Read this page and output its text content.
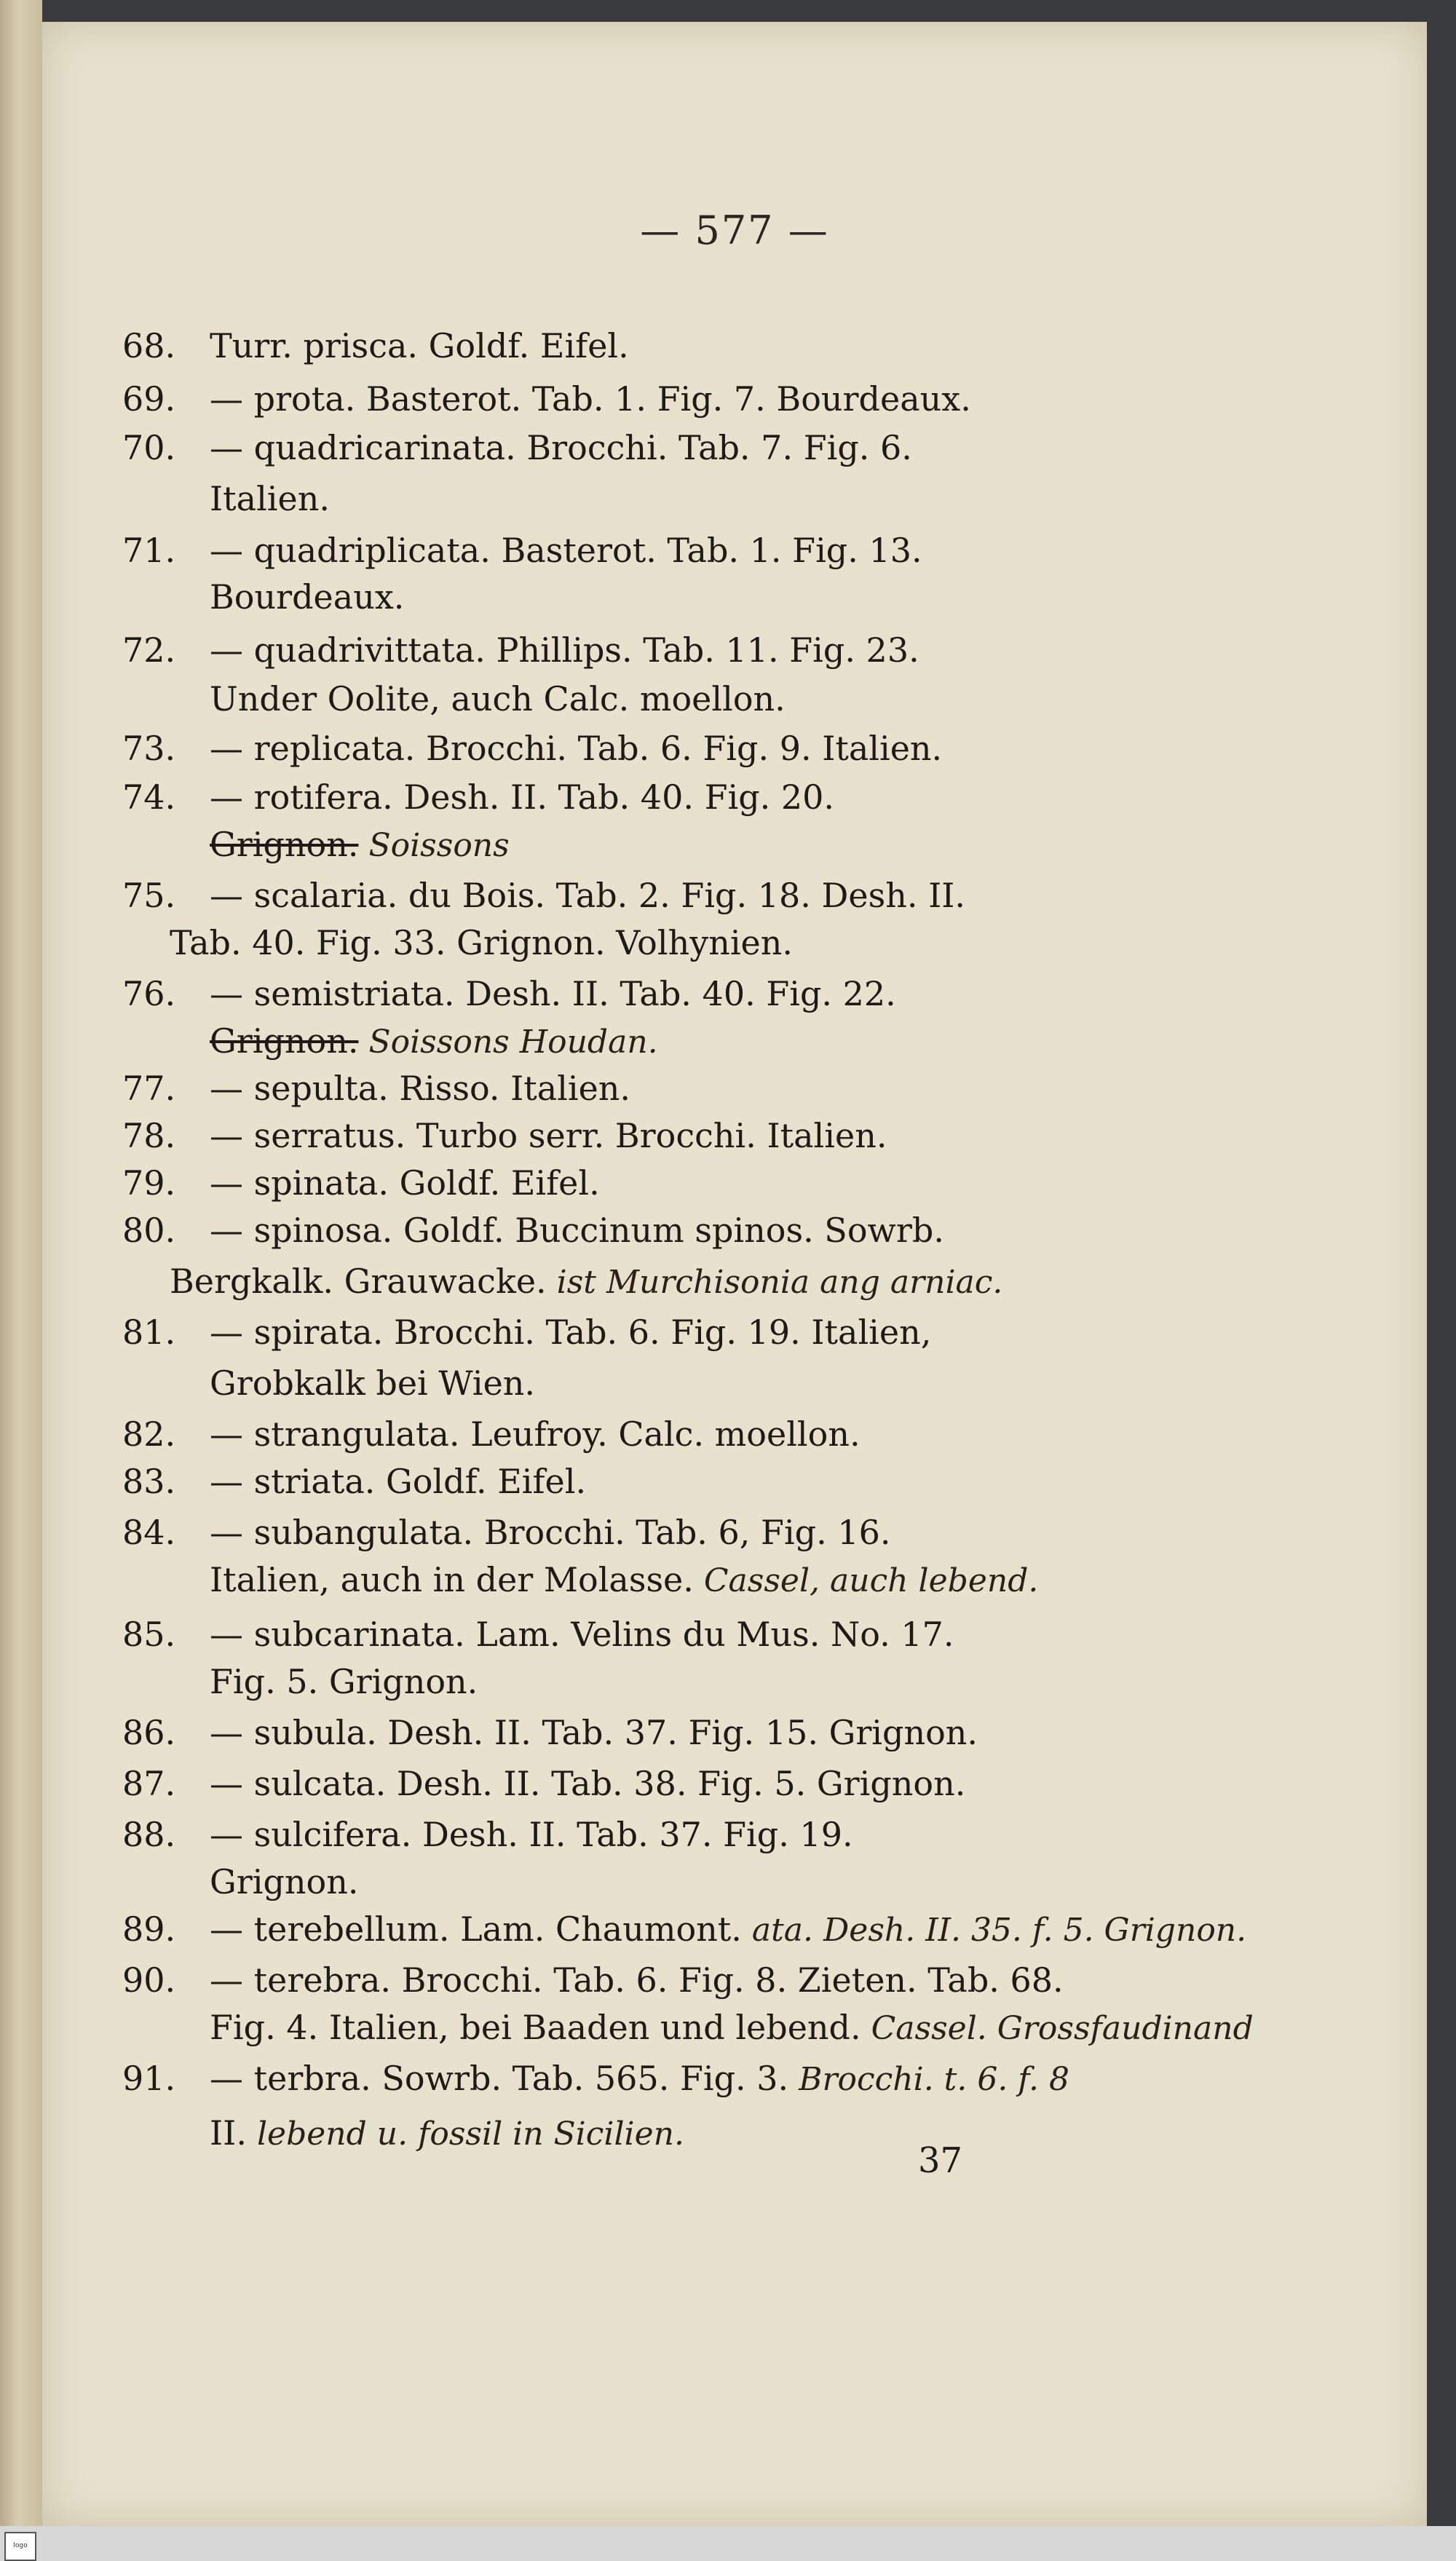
— 577 —
68. Turr. prisca. Goldf. Eifel.
69. — prota. Basterot. Tab. 1. Fig. 7. Bourdeaux.
70. — quadricarinata. Brocchi. Tab. 7. Fig. 6.
Italien.
71. — quadriplicata. Basterot. Tab. 1. Fig. 13.
Bourdeaux.
72. — quadrivittata. Phillips. Tab. 11. Fig. 23.
Under Oolite, auch Calc. moellon.
73. — replicata. Brocchi. Tab. 6. Fig. 9. Italien.
74. — rotifera. Desh. II. Tab. 40. Fig. 20.
Grignon. Soissons
75. — scalaria. du Bois. Tab. 2. Fig. 18. Desh. II.
Tab. 40. Fig. 33. Grignon. Volhynien.
76. — semistriata. Desh. II. Tab. 40. Fig. 22.
Grignon. Soissons Houdan.
77. — sepulta. Risso. Italien.
78. — serratus. Turbo serr. Brocchi. Italien.
79. — spinata. Goldf. Eifel.
80. — spinosa. Goldf. Buccinum spinos. Sowrb.
Bergkalk. Grauwacke. ist Murchisonia ang arniac.
81. — spirata. Brocchi. Tab. 6. Fig. 19. Italien,
Grobkalk bei Wien.
82. — strangulata. Leufroy. Calc. moellon.
83. — striata. Goldf. Eifel.
84. — subangulata. Brocchi. Tab. 6, Fig. 16.
Italien, auch in der Molasse. Cassel, auch lebend.
85. — subcarinata. Lam. Velins du Mus. No. 17.
Fig. 5. Grignon.
86. — subula. Desh. II. Tab. 37. Fig. 15. Grignon.
87. — sulcata. Desh. II. Tab. 38. Fig. 5. Grignon.
88. — sulcifera. Desh. II. Tab. 37. Fig. 19.
Grignon.
89. — terebellum. Lam. Chaumont. ata. Desh. II. 35. f. 5. Grignon.
90. — terebra. Brocchi. Tab. 6. Fig. 8. Zieten. Tab. 68.
Fig. 4. Italien, bei Baaden und lebend. Cassel. Grossfaudinand
91. — terbra. Sowrb. Tab. 565. Fig. 3. Brocchi. t. 6. f. 8
II. lebend u. fossil in Sicilien.
37
logo
